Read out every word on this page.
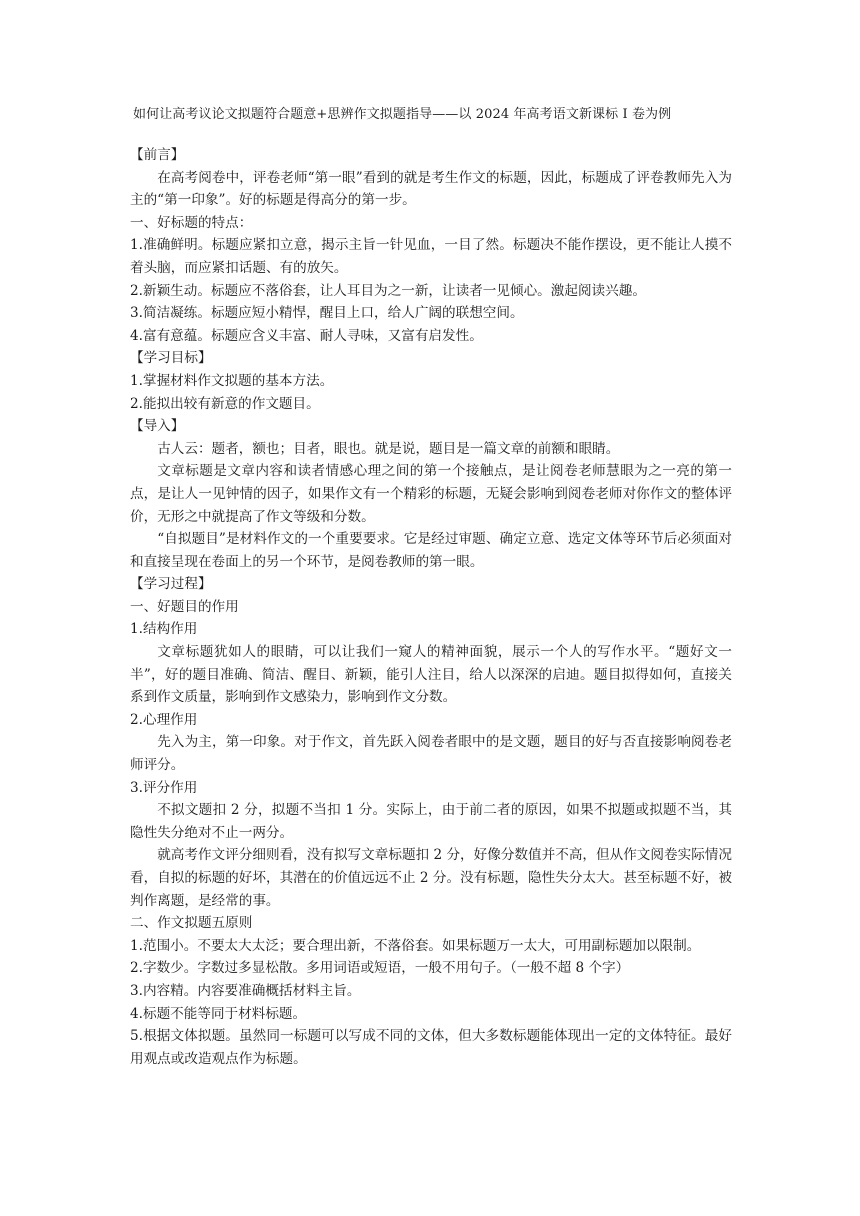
如何让高考议论文拟题符合题意+思辨作文拟题指导——以 2024 年高考语文新课标 I 卷为例

【前言】

在高考阅卷中，评卷老师“第一眼”看到的就是考生作文的标题，因此，标题成了评卷教师先入为主的“第一印象”。好的标题是得高分的第一步。

一、好标题的特点：

1.准确鲜明。标题应紧扣立意，揭示主旨一针见血，一目了然。标题决不能作摆设，更不能让人摸不着头脑，而应紧扣话题、有的放矢。

2.新颖生动。标题应不落俗套，让人耳目为之一新，让读者一见倾心。激起阅读兴趣。

3.简洁凝练。标题应短小精悍，醒目上口，给人广阔的联想空间。

4.富有意蕴。标题应含义丰富、耐人寻味，又富有启发性。

【学习目标】

1.掌握材料作文拟题的基本方法。

2.能拟出较有新意的作文题目。

【导入】

古人云：题者，额也；目者，眼也。就是说，题目是一篇文章的前额和眼睛。

文章标题是文章内容和读者情感心理之间的第一个接触点，是让阅卷老师慧眼为之一亮的第一点，是让人一见钟情的因子，如果作文有一个精彩的标题，无疑会影响到阅卷老师对你作文的整体评价，无形之中就提高了作文等级和分数。

“自拟题目”是材料作文的一个重要要求。它是经过审题、确定立意、选定文体等环节后必须面对和直接呈现在卷面上的另一个环节，是阅卷教师的第一眼。

【学习过程】

一、好题目的作用

1.结构作用

文章标题犹如人的眼睛，可以让我们一窥人的精神面貌，展示一个人的写作水平。“题好文一半”，好的题目准确、简洁、醒目、新颖，能引人注目，给人以深深的启迪。题目拟得如何，直接关系到作文质量，影响到作文感染力，影响到作文分数。

2.心理作用

先入为主，第一印象。对于作文，首先跃入阅卷者眼中的是文题，题目的好与否直接影响阅卷老师评分。

3.评分作用

不拟文题扣 2 分，拟题不当扣 1 分。实际上，由于前二者的原因，如果不拟题或拟题不当，其隐性失分绝对不止一两分。

就高考作文评分细则看，没有拟写文章标题扣 2 分，好像分数值并不高，但从作文阅卷实际情况看，自拟的标题的好坏，其潜在的价值远远不止 2 分。没有标题，隐性失分太大。甚至标题不好，被判作离题，是经常的事。

二、作文拟题五原则

1.范围小。不要太大太泛；要合理出新，不落俗套。如果标题万一太大，可用副标题加以限制。

2.字数少。字数过多显松散。多用词语或短语，一般不用句子。（一般不超 8 个字）

3.内容精。内容要准确概括材料主旨。

4.标题不能等同于材料标题。

5.根据文体拟题。虽然同一标题可以写成不同的文体，但大多数标题能体现出一定的文体特征。最好用观点或改造观点作为标题。
